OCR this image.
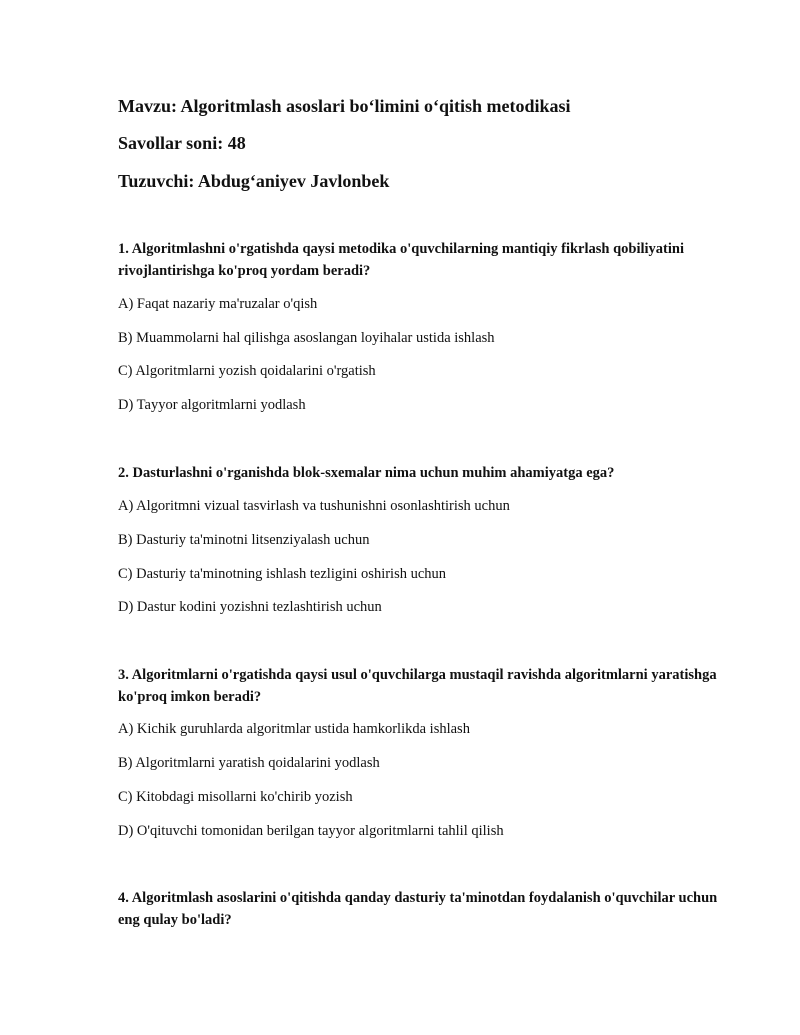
Mavzu: Algoritmlash asoslari bo‘limini o‘qitish metodikasi
Savollar soni: 48
Tuzuvchi: Abdug‘aniyev Javlonbek
1. Algoritmlashni o'rgatishda qaysi metodika o'quvchilarning mantiqiy fikrlash qobiliyatini rivojlantirishga ko'proq yordam beradi?
A) Faqat nazariy ma'ruzalar o'qish
B) Muammolarni hal qilishga asoslangan loyihalar ustida ishlash
C) Algoritmlarni yozish qoidalarini o'rgatish
D) Tayyor algoritmlarni yodlash
2. Dasturlashni o'rganishda blok-sxemalar nima uchun muhim ahamiyatga ega?
A) Algoritmni vizual tasvirlash va tushunishni osonlashtirish uchun
B) Dasturiy ta'minotni litsenziyalash uchun
C) Dasturiy ta'minotning ishlash tezligini oshirish uchun
D) Dastur kodini yozishni tezlashtirish uchun
3. Algoritmlarni o'rgatishda qaysi usul o'quvchilarga mustaqil ravishda algoritmlarni yaratishga ko'proq imkon beradi?
A) Kichik guruhlarda algoritmlar ustida hamkorlikda ishlash
B) Algoritmlarni yaratish qoidalarini yodlash
C) Kitobdagi misollarni ko'chirib yozish
D) O'qituvchi tomonidan berilgan tayyor algoritmlarni tahlil qilish
4. Algoritmlash asoslarini o'qitishda qanday dasturiy ta'minotdan foydalanish o'quvchilar uchun eng qulay bo'ladi?
